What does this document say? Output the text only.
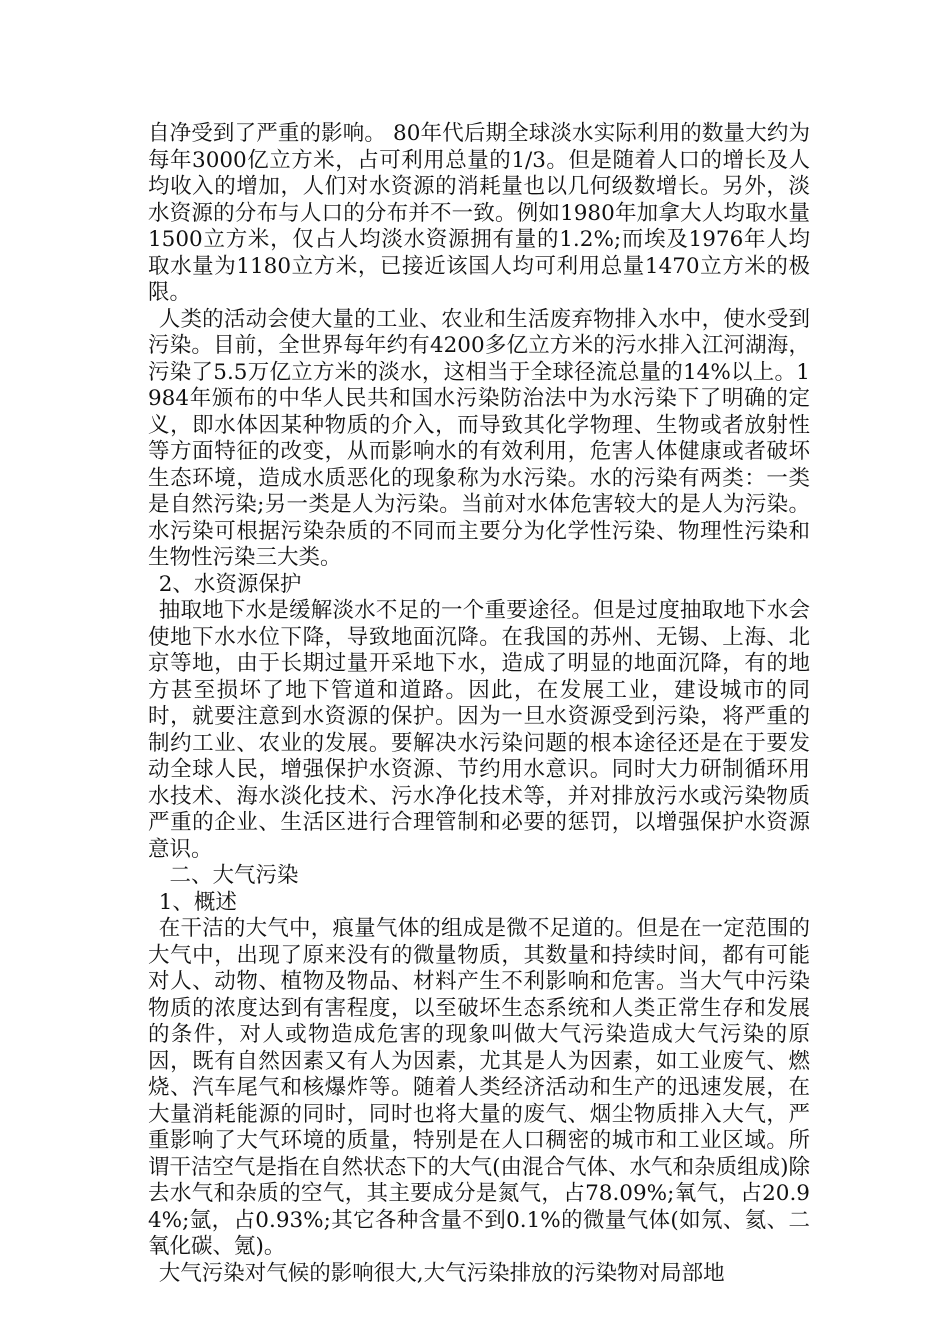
自净受到了严重的影响。 80年代后期全球淡水实际利用的数量大约为每年3000亿立方米，占可利用总量的1/3。但是随着人口的增长及人均收入的增加，人们对水资源的消耗量也以几何级数增长。另外，淡水资源的分布与人口的分布并不一致。例如1980年加拿大人均取水量1500立方米，仅占人均淡水资源拥有量的1.2%;而埃及1976年人均取水量为1180立方米，已接近该国人均可利用总量1470立方米的极限。

人类的活动会使大量的工业、农业和生活废弃物排入水中，使水受到污染。目前，全世界每年约有4200多亿立方米的污水排入江河湖海，污染了5.5万亿立方米的淡水，这相当于全球径流总量的14%以上。1984年颁布的中华人民共和国水污染防治法中为水污染下了明确的定义，即水体因某种物质的介入，而导致其化学物理、生物或者放射性等方面特征的改变，从而影响水的有效利用，危害人体健康或者破坏生态环境，造成水质恶化的现象称为水污染。水的污染有两类：一类是自然污染;另一类是人为污染。当前对水体危害较大的是人为污染。水污染可根据污染杂质的不同而主要分为化学性污染、物理性污染和生物性污染三大类。

2、水资源保护

抽取地下水是缓解淡水不足的一个重要途径。但是过度抽取地下水会使地下水水位下降，导致地面沉降。在我国的苏州、无锡、上海、北京等地，由于长期过量开采地下水，造成了明显的地面沉降，有的地方甚至损坏了地下管道和道路。因此，在发展工业，建设城市的同时，就要注意到水资源的保护。因为一旦水资源受到污染，将严重的制约工业、农业的发展。要解决水污染问题的根本途径还是在于要发动全球人民，增强保护水资源、节约用水意识。同时大力研制循环用水技术、海水淡化技术、污水净化技术等，并对排放污水或污染物质严重的企业、生活区进行合理管制和必要的惩罚，以增强保护水资源意识。

二、大气污染

1、概述

在干洁的大气中，痕量气体的组成是微不足道的。但是在一定范围的大气中，出现了原来没有的微量物质，其数量和持续时间，都有可能对人、动物、植物及物品、材料产生不利影响和危害。当大气中污染物质的浓度达到有害程度，以至破坏生态系统和人类正常生存和发展的条件，对人或物造成危害的现象叫做大气污染造成大气污染的原因，既有自然因素又有人为因素，尤其是人为因素，如工业废气、燃烧、汽车尾气和核爆炸等。随着人类经济活动和生产的迅速发展，在大量消耗能源的同时，同时也将大量的废气、烟尘物质排入大气，严重影响了大气环境的质量，特别是在人口稠密的城市和工业区域。所谓干洁空气是指在自然状态下的大气(由混合气体、水气和杂质组成)除去水气和杂质的空气，其主要成分是氮气，占78.09%;氧气，占20.94%;氩，占0.93%;其它各种含量不到0.1%的微量气体(如氖、氦、二氧化碳、氪)。

大气污染对气候的影响很大,大气污染排放的污染物对局部地
